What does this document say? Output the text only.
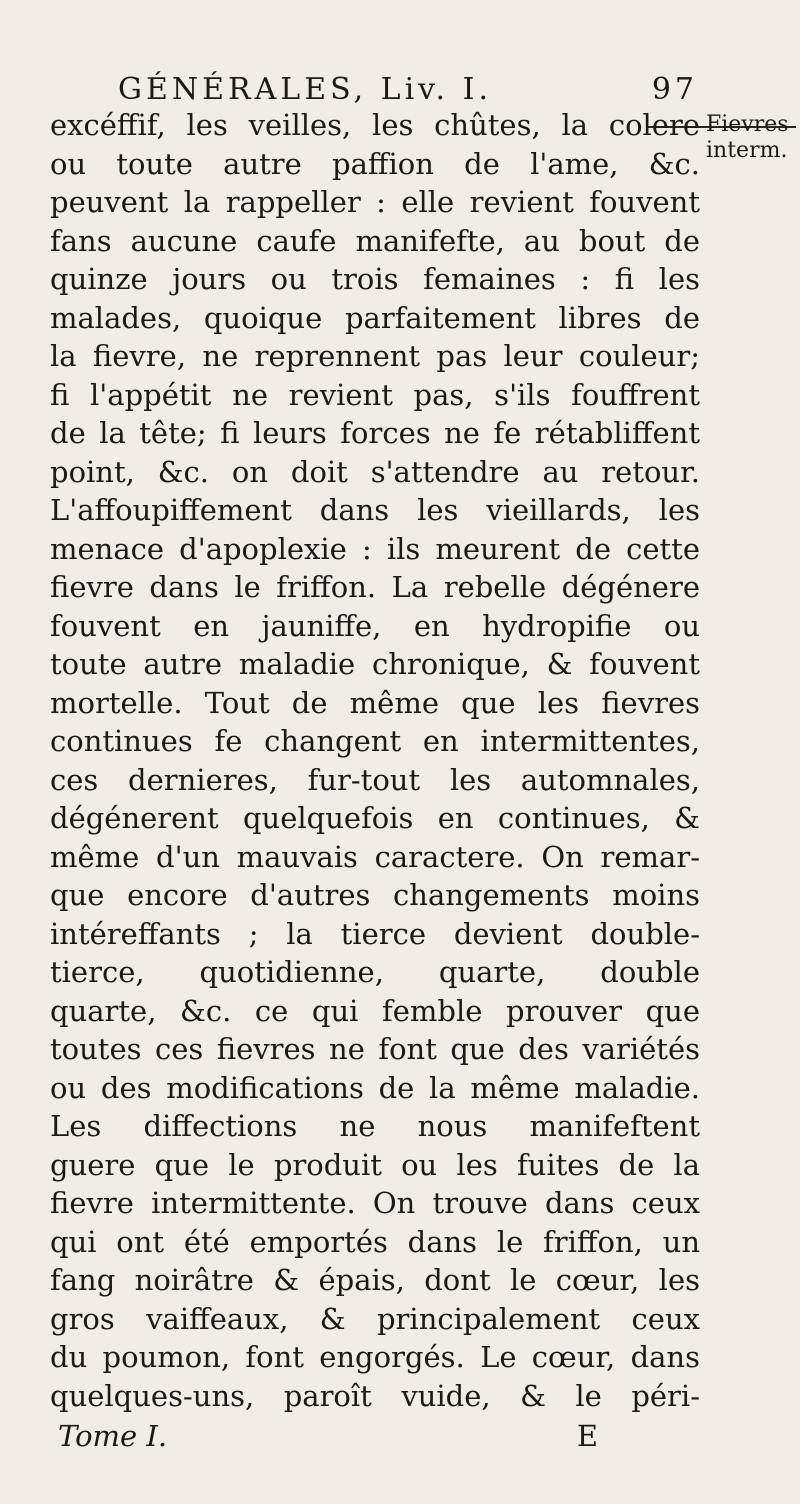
GÉNÉRALES, Liv. I.	97
Fievres
interm.
excéffif, les veilles, les chûtes, la colere
ou toute autre paffion de l'ame, &c.
peuvent la rappeller : elle revient fouvent
fans aucune caufe manifefte, au bout de
quinze jours ou trois femaines : fi les
malades, quoique parfaitement libres de
la fievre, ne reprennent pas leur couleur;
fi l'appétit ne revient pas, s'ils fouffrent
de la tête; fi leurs forces ne fe rétabliffent
point, &c. on doit s'attendre au retour.
L'affoupiffement dans les vieillards, les
menace d'apoplexie : ils meurent de cette
fievre dans le friffon. La rebelle dégénere
fouvent en jauniffe, en hydropifie ou
toute autre maladie chronique, & fouvent
mortelle. Tout de même que les fievres
continues fe changent en intermittentes,
ces dernieres, fur-tout les automnales,
dégénerent quelquefois en continues, &
même d'un mauvais caractere. On remar-
que encore d'autres changements moins
intéreffants ; la tierce devient double-
tierce, quotidienne, quarte, double
quarte, &c. ce qui femble prouver que
toutes ces fievres ne font que des variétés
ou des modifications de la même maladie.
Les diffections ne nous manifeftent
guere que le produit ou les fuites de la
fievre intermittente. On trouve dans ceux
qui ont été emportés dans le friffon, un
fang noirâtre & épais, dont le cœur, les
gros vaiffeaux, & principalement ceux
du poumon, font engorgés. Le cœur, dans
quelques-uns, paroît vuide, & le péri-
Tome I.	E
